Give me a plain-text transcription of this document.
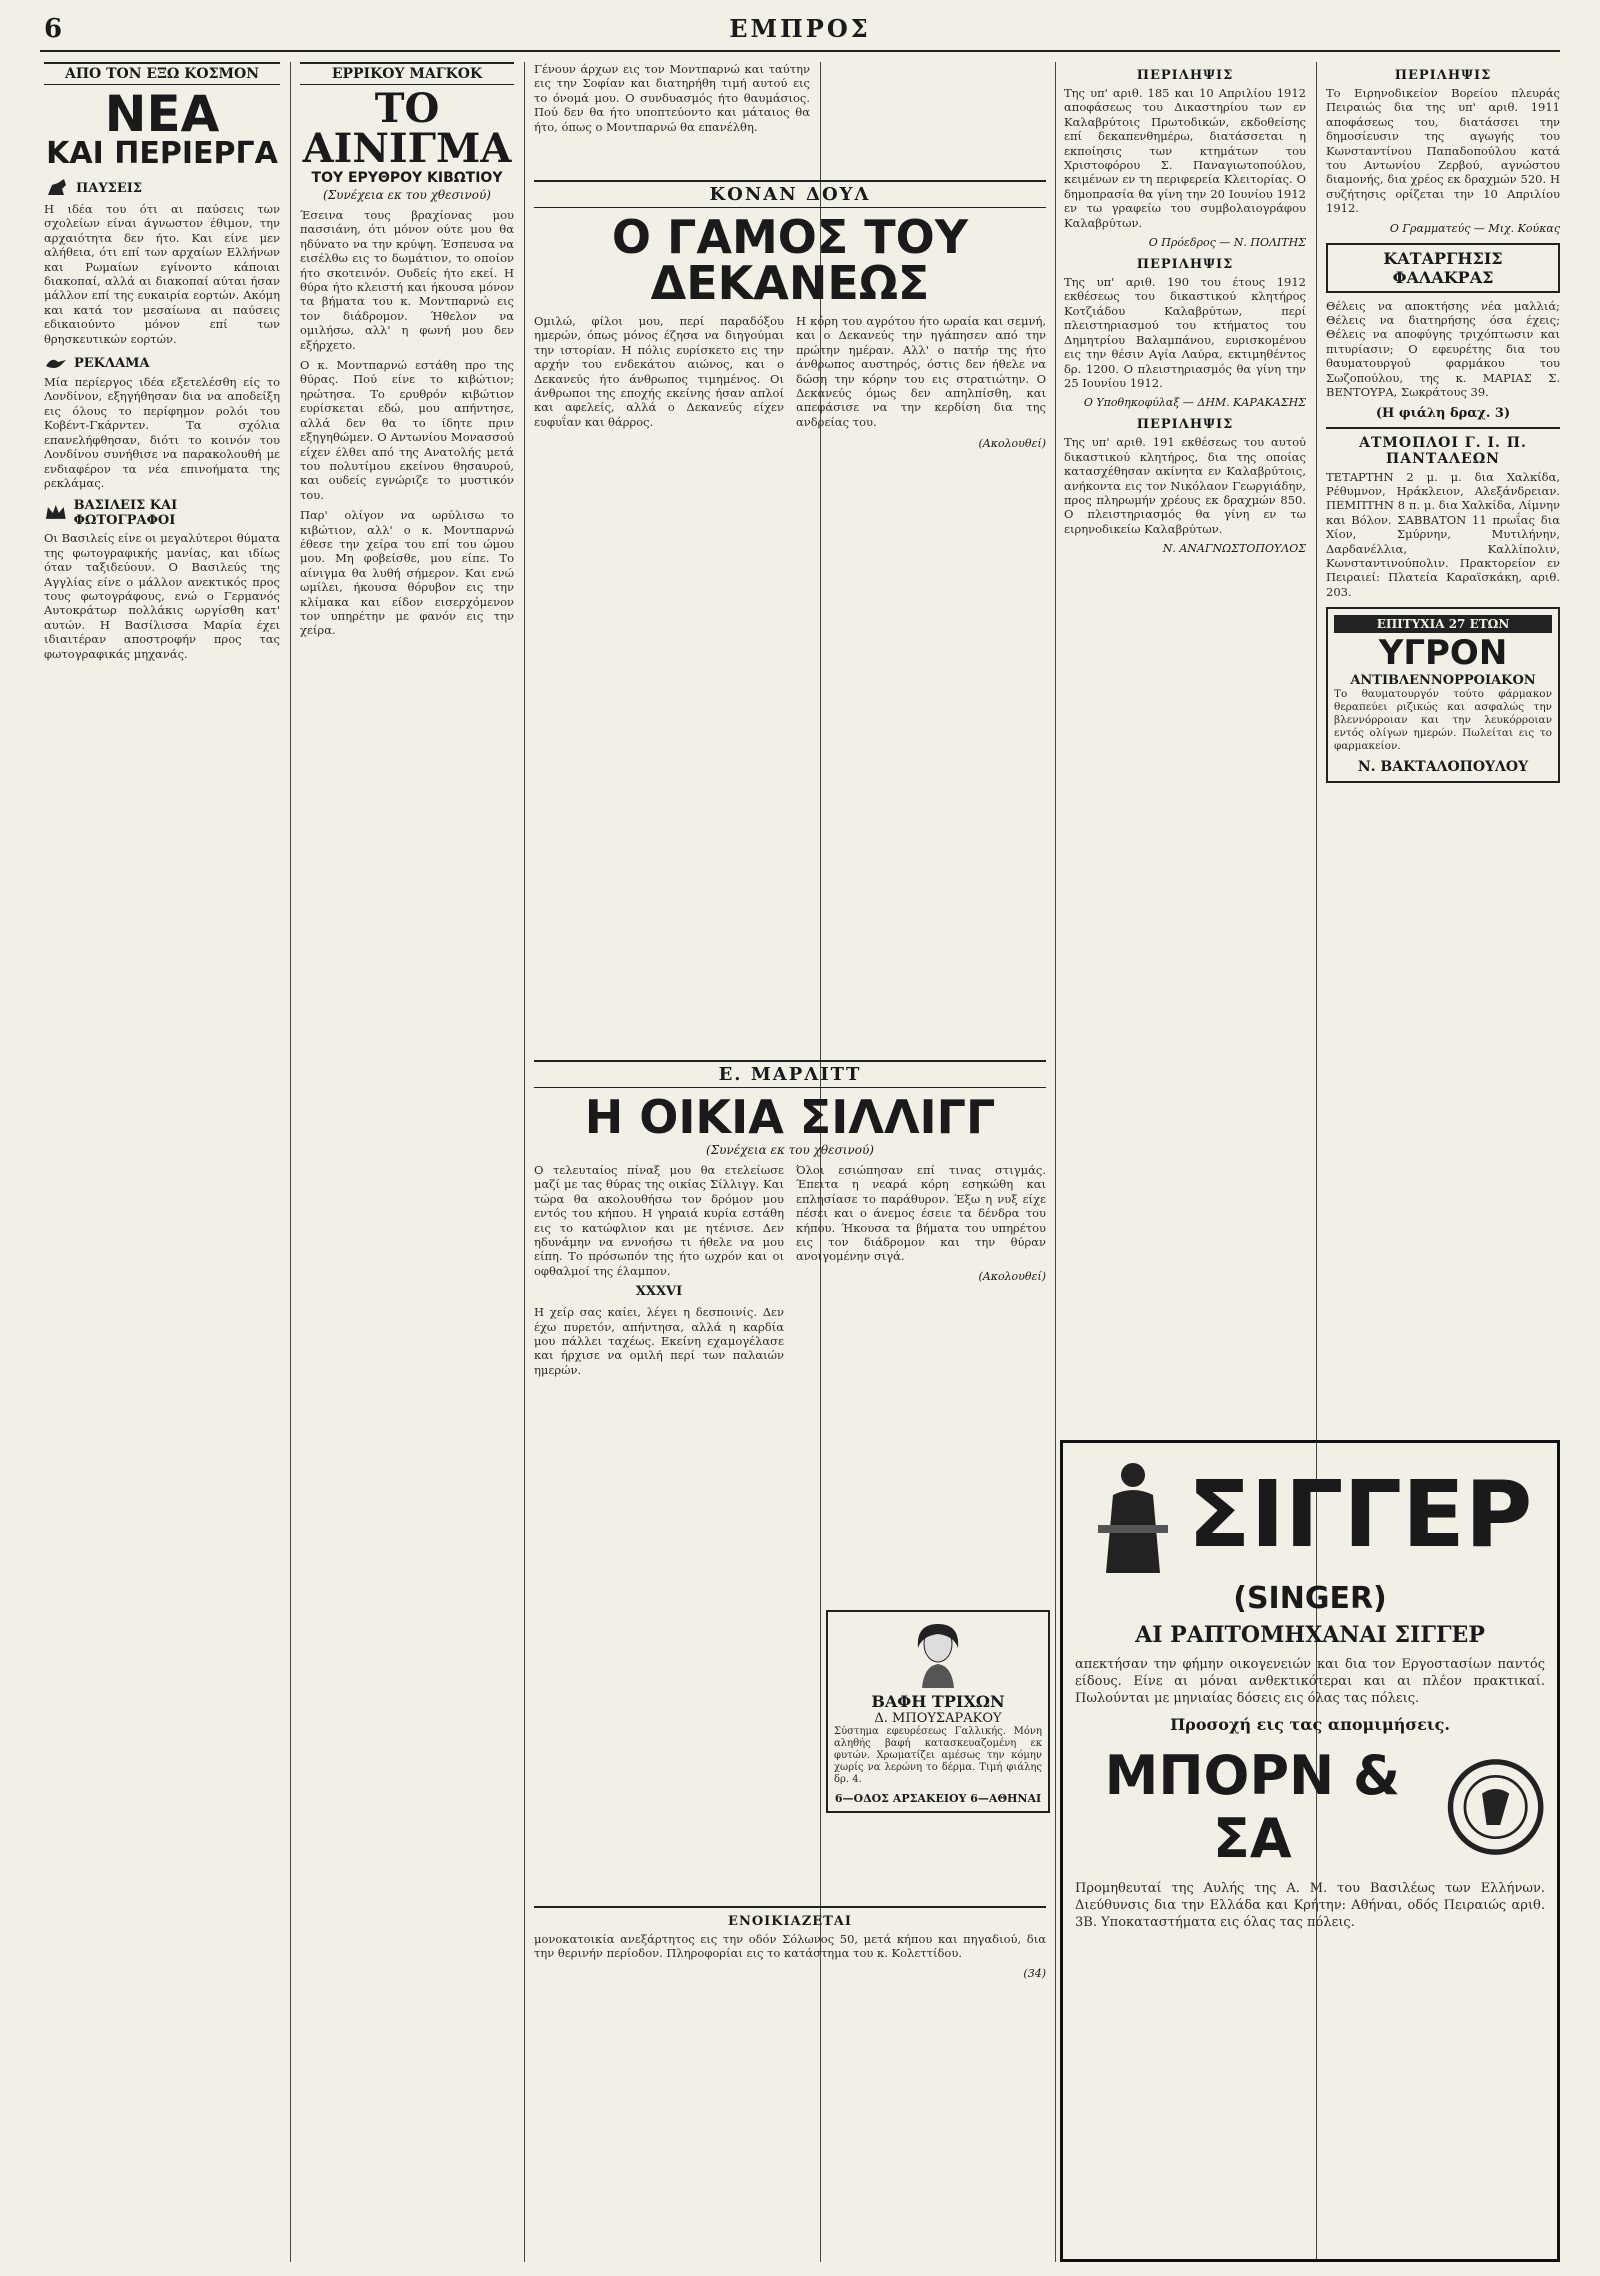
6	ΕΜΠΡΟΣ
ΑΠΟ ΤΟΝ ΕΞΩ ΚΟΣΜΟΝ
ΝΕΑ
ΚΑΙ ΠΕΡΙΕΡΓΑ
ΠΑΥΣΕΙΣ

Η ιδέα του ότι αι παύσεις των σχολείων είναι άγνωστον έθιμον, την αρχαιότητα δεν ήτο. Και είνε μεν αλήθεια, ότι επί των αρχαίων Ελλήνων και Ρωμαίων εγίνοντο κάποιαι διακοπαί, αλλά αι διακοπαί αύται ήσαν μάλλον επί της ευκαιρία εορτών. Ακόμη και κατά τον μεσαίωνα αι παύσεις εδικαιούντο μόνον επί των θρησκευτικών εορτών.

ΡΕΚΛΑΜΑ

Μία περίεργος ιδέα εξετελέσθη είς το Λονδίνον, εξηγήθησαν δια να αποδείξη εις όλους το περίφημον ρολόι του Κοβέντ-Γκάρντεν. Τα σχόλια επανελήφθησαν, διότι το κοινόν του Λονδίνου συνήθισε να παρακολουθή με ενδιαφέρον τα νέα επινοήματα της ρεκλάμας.

ΒΑΣΙΛΕΙΣ ΚΑΙ ΦΩΤΟΓΡΑΦΟΙ

Οι Βασιλείς είνε οι μεγαλύτεροι θύματα της φωτογραφικής μανίας, και ιδίως όταν ταξιδεύουν. Ο Βασιλεύς της Αγγλίας είνε ο μάλλον ανεκτικός προς τους φωτογράφους, ενώ ο Γερμανός Αυτοκράτωρ πολλάκις ωργίσθη κατ' αυτών. Η Βασίλισσα Μαρία έχει ιδιαιτέραν αποστροφήν προς τας φωτογραφικάς μηχανάς.

ΕΡΡΙΚΟΥ ΜΑΓΚΟΚ
ΤΟ ΑΙΝΙΓΜΑ
ΤΟΥ ΕΡΥΘΡΟΥ ΚΙΒΩΤΙΟΥ
(Συνέχεια εκ του χθεσινού)

Έσεινα τους βραχίονας μου πασσιάνη, ότι μόνον ούτε μου θα ηδύνατο να την κρύψη. Έσπευσα να εισέλθω εις το δωμάτιον, το οποίον ήτο σκοτεινόν. Ουδείς ήτο εκεί. Η θύρα ήτο κλειστή και ήκουσα μόνον τα βήματα του κ. Μοντπαρνώ εις τον διάδρομον. Ήθελον να ομιλήσω, αλλ' η φωνή μου δεν εξήρχετο.

Ο κ. Μοντπαρνώ εστάθη προ της θύρας. Πού είνε το κιβώτιον; ηρώτησα. Το ερυθρόν κιβώτιον ευρίσκεται εδώ, μου απήντησε, αλλά δεν θα το ίδητε πριν εξηγηθώμεν. Ο Αντωνίου Μονασσού είχεν έλθει από της Ανατολής μετά του πολυτίμου εκείνου θησαυρού, και ουδείς εγνώριζε το μυστικόν του.

Παρ' ολίγον να ωρύλισω το κιβώτιον, αλλ' ο κ. Μοντπαρνώ έθεσε την χείρα του επί του ώμου μου. Μη φοβείσθε, μου είπε. Το αίνιγμα θα λυθή σήμερον. Και ενώ ωμίλει, ήκουσα θόρυβον εις την κλίμακα και είδον εισερχόμενον τον υπηρέτην με φανόν εις την χείρα.

Γένουν άρχων εις τον Μοντπαρνώ και ταύτην εις την Σοφίαν και διατηρήθη τιμή αυτού εις το όνομά μου. Ο συνδυασμός ήτο θαυμάσιος. Πού δεν θα ήτο υποπτεύοντο και μάταιος θα ήτο, όπως ο Μοντπαρνώ θα επανέλθη.

ΚΟΝΑΝ ΔΟΥΛ
Ο ΓΑΜΟΣ ΤΟΥ ΔΕΚΑΝΕΩΣ

Ομιλώ, φίλοι μου, περί παραδόξου ημερών, όπως μόνος έζησα να διηγούμαι την ιστορίαν. Η πόλις ευρίσκετο εις την αρχήν του ενδεκάτου αιώνος, και ο Δεκανεύς ήτο άνθρωπος τιμημένος. Οι άνθρωποι της εποχής εκείνης ήσαν απλοί και αφελείς, αλλά ο Δεκανεύς είχεν ευφυΐαν και θάρρος.

Η κόρη του αγρότου ήτο ωραία και σεμνή, και ο Δεκανεύς την ηγάπησεν από την πρώτην ημέραν. Αλλ' ο πατήρ της ήτο άνθρωπος αυστηρός, όστις δεν ήθελε να δώση την κόρην του εις στρατιώτην. Ο Δεκανεύς όμως δεν απηλπίσθη, και απεφάσισε να την κερδίση δια της ανδρείας του.

(Ακολουθεί)
Ε. ΜΑΡΛΙΤΤ
Η ΟΙΚΙΑ ΣΙΛΛΙΓΓ
(Συνέχεια εκ του χθεσινού)

Ο τελευταίος πίναξ μου θα ετελείωσε μαζί με τας θύρας της οικίας Σίλλιγγ. Και τώρα θα ακολουθήσω τον δρόμον μου εντός του κήπου. Η γηραιά κυρία εστάθη εις το κατώφλιον και με ητένισε. Δεν ηδυνάμην να εννοήσω τι ήθελε να μου είπη. Το πρόσωπόν της ήτο ωχρόν και οι οφθαλμοί της έλαμπον.

XXXVI

Η χείρ σας καίει, λέγει η δεσποινίς. Δεν έχω πυρετόν, απήντησα, αλλά η καρδία μου πάλλει ταχέως. Εκείνη εχαμογέλασε και ήρχισε να ομιλή περί των παλαιών ημερών.

Όλοι εσιώπησαν επί τινας στιγμάς. Έπειτα η νεαρά κόρη εσηκώθη και επλησίασε το παράθυρον. Έξω η νυξ είχε πέσει και ο άνεμος έσειε τα δένδρα του κήπου. Ήκουσα τα βήματα του υπηρέτου εις τον διάδρομον και την θύραν ανοιγομένην σιγά.

(Ακολουθεί)
ΒΑΦΗ ΤΡΙΧΩΝ
Δ. ΜΠΟΥΣΑΡΑΚΟΥ

Σύστημα εφευρέσεως Γαλλικής. Μόνη αληθής βαφή κατασκευαζομένη εκ φυτών. Χρωματίζει αμέσως την κόμην χωρίς να λερώνη το δέρμα. Τιμή φιάλης δρ. 4.

6—ΟΔΟΣ ΑΡΣΑΚΕΙΟΥ 6—ΑΘΗΝΑΙ
ΕΝΟΙΚΙΑΖΕΤΑΙ

μονοκατοικία ανεξάρτητος εις την οδόν Σόλωνος 50, μετά κήπου και πηγαδιού, δια την θερινήν περίοδον. Πληροφορίαι εις το κατάστημα του κ. Κολεττίδου.

(34)
ΠΕΡΙΛΗΨΙΣ

Της υπ' αριθ. 185 και 10 Απριλίου 1912 αποφάσεως του Δικαστηρίου των εν Καλαβρύτοις Πρωτοδικών, εκδοθείσης επί δεκαπενθημέρω, διατάσσεται η εκποίησις των κτημάτων του Χριστοφόρου Σ. Παναγιωτοπούλου, κειμένων εν τη περιφερεία Κλειτορίας. Ο δημοπρασία θα γίνη την 20 Ιουνίου 1912 εν τω γραφείω του συμβολαιογράφου Καλαβρύτων.

Ο Πρόεδρος — Ν. ΠΟΛΙΤΗΣ
ΠΕΡΙΛΗΨΙΣ

Της υπ' αριθ. 190 του έτους 1912 εκθέσεως του δικαστικού κλητήρος Κοτζιάδου Καλαβρύτων, περί πλειστηριασμού του κτήματος του Δημητρίου Βαλαμπάνου, ευρισκομένου εις την θέσιν Αγία Λαύρα, εκτιμηθέντος δρ. 1200. Ο πλειστηριασμός θα γίνη την 25 Ιουνίου 1912.

Ο Υποθηκοφύλαξ — ΔΗΜ. ΚΑΡΑΚΑΣΗΣ
ΠΕΡΙΛΗΨΙΣ

Της υπ' αριθ. 191 εκθέσεως του αυτού δικαστικού κλητήρος, δια της οποίας κατασχέθησαν ακίνητα εν Καλαβρύτοις, ανήκοντα εις τον Νικόλαον Γεωργιάδην, προς πληρωμήν χρέους εκ δραχμών 850. Ο πλειστηριασμός θα γίνη εν τω ειρηνοδικείω Καλαβρύτων.

Ν. ΑΝΑΓΝΩΣΤΟΠΟΥΛΟΣ
ΠΕΡΙΛΗΨΙΣ

Το Ειρηνοδικείον Βορείου πλευράς Πειραιώς δια της υπ' αριθ. 1911 αποφάσεως του, διατάσσει την δημοσίευσιν της αγωγής του Κωνσταντίνου Παπαδοπούλου κατά του Αντωνίου Ζερβού, αγνώστου διαμονής, δια χρέος εκ δραχμών 520. Η συζήτησις ορίζεται την 10 Απριλίου 1912.

Ο Γραμματεύς — Μιχ. Κούκας
ΚΑΤΑΡΓΗΣΙΣ ΦΑΛΑΚΡΑΣ

Θέλεις να αποκτήσης νέα μαλλιά; Θέλεις να διατηρήσης όσα έχεις; Θέλεις να αποφύγης τριχόπτωσιν και πιτυρίασιν; Ο εφευρέτης δια του θαυματουργού φαρμάκου του Σωζοπούλου, της κ. ΜΑΡΙΑΣ Σ. ΒΕΝΤΟΥΡΑ, Σωκράτους 39.

(Η φιάλη δραχ. 3)
ΑΤΜΟΠΛΟΙ Γ. Ι. Π. ΠΑΝΤΑΛΕΩΝ

ΤΕΤΑΡΤΗΝ 2 μ. μ. δια Χαλκίδα, Ρέθυμνον, Ηράκλειον, Αλεξάνδρειαν. ΠΕΜΠΤΗΝ 8 π. μ. δια Χαλκίδα, Λίμνην και Βόλον. ΣΑΒΒΑΤΟΝ 11 πρωΐας δια Χίον, Σμύρνην, Μυτιλήνην, Δαρδανέλλια, Καλλίπολιν, Κωνσταντινούπολιν. Πρακτορείον εν Πειραιεί: Πλατεία Καραϊσκάκη, αριθ. 203.

ΕΠΙΤΥΧΙΑ 27 ΕΤΩΝ
ΥΓΡΟΝ
ΑΝΤΙΒΛΕΝΝΟΡΡΟΙΑΚΟΝ

Το θαυματουργόν τούτο φάρμακον θεραπεύει ριζικώς και ασφαλώς την βλεννόρροιαν και την λευκόρροιαν εντός ολίγων ημερών. Πωλείται εις το φαρμακείον.

Ν. ΒΑΚΤΑΛΟΠΟΥΛΟΥ
ΣΙΓΓΕΡ
(SINGER)
ΑΙ ΡΑΠΤΟΜΗΧΑΝΑΙ ΣΙΓΓΕΡ

απεκτήσαν την φήμην οικογενειών και δια τον Εργοστασίων παντός είδους. Είνε αι μόναι ανθεκτικότεραι και αι πλέον πρακτικαί. Πωλούνται με μηνιαίας δόσεις εις όλας τας πόλεις.

Προσοχή εις τας απομιμήσεις.
ΜΠΟΡΝ & ΣΑ

Προμηθευταί της Αυλής της Α. Μ. του Βασιλέως των Ελλήνων. Διεύθυνσις δια την Ελλάδα και Κρήτην: Αθήναι, οδός Πειραιώς αριθ. 3Β. Υποκαταστήματα εις όλας τας πόλεις.
